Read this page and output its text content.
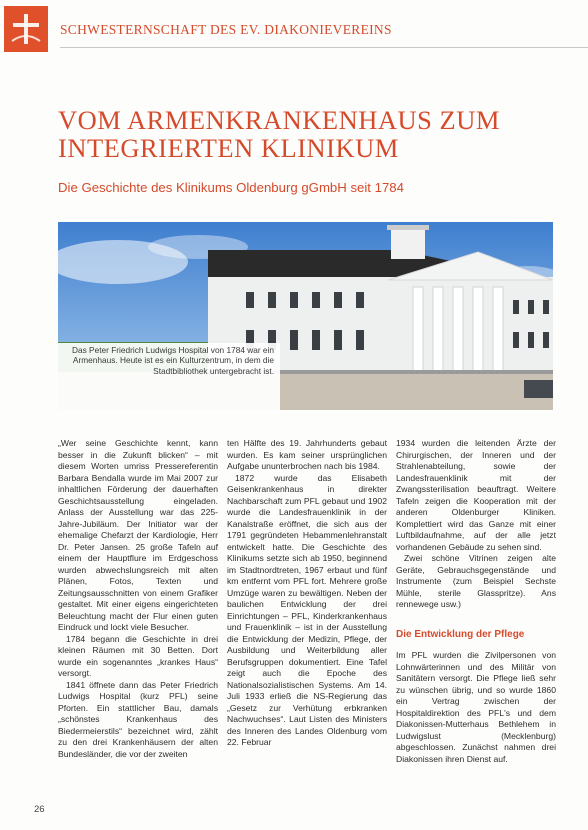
SCHWESTERNSCHAFT DES EV. DIAKONIEVEREINS
VOM ARMENKRANKENHAUS ZUM INTEGRIERTEN KLINIKUM
Die Geschichte des Klinikums Oldenburg gGmbH seit 1784
Das Peter Friedrich Ludwigs Hospital von 1784 war ein Armenhaus. Heute ist es ein Kulturzentrum, in dem die Stadtbibliothek untergebracht ist.

„Wer seine Geschichte kennt, kann besser in die Zukunft blicken“ – mit diesem Worten umriss Pressereferentin Barbara Bendalla wurde im Mai 2007 zur inhaltlichen Förderung der dauerhaften Geschichtsausstellung eingeladen. Anlass der Ausstellung war das 225-Jahre-Jubiläum. Der Initiator war der ehemalige Chefarzt der Kardiologie, Herr Dr. Peter Jansen. 25 große Tafeln auf einem der Hauptflure im Erdgeschoss wurden abwechslungsreich mit alten Plänen, Fotos, Texten und Zeitungsausschnitten von einem Grafiker gestaltet. Mit einer eigens eingerichteten Beleuchtung macht der Flur einen guten Eindruck und lockt viele Besucher.

1784 begann die Geschichte in drei kleinen Räumen mit 30 Betten. Dort wurde ein sogenanntes „krankes Haus“ versorgt.

1841 öffnete dann das Peter Friedrich Ludwigs Hospital (kurz PFL) seine Pforten. Ein stattlicher Bau, damals „schönstes Krankenhaus des Biedermeierstils“ bezeichnet wird, zählt zu den drei Krankenhäusern der alten Bundesländer, die vor der zweiten

ten Hälfte des 19. Jahrhunderts gebaut wurden. Es kam seiner ursprünglichen Aufgabe ununterbrochen nach bis 1984.

1872 wurde das Elisabeth Geisenkrankenhaus in direkter Nachbarschaft zum PFL gebaut und 1902 wurde die Landesfrauenklinik in der Kanalstraße eröffnet, die sich aus der 1791 gegründeten Hebammenlehranstalt entwickelt hatte. Die Geschichte des Klinikums setzte sich ab 1950, beginnend im Stadtnordtreten, 1967 erbaut und fünf km entfernt vom PFL fort. Mehrere große Umzüge waren zu bewältigen. Neben der baulichen Entwicklung der drei Einrichtungen – PFL, Kinderkrankenhaus und Frauenklinik – ist in der Ausstellung die Entwicklung der Medizin, Pflege, der Ausbildung und Weiterbildung aller Berufsgruppen dokumentiert. Eine Tafel zeigt auch die Epoche des Nationalsozialistischen Systems. Am 14. Juli 1933 erließ die NS-Regierung das „Gesetz zur Verhütung erbkranken Nachwuchses“. Laut Listen des Ministers des Inneren des Landes Oldenburg vom 22. Februar

1934 wurden die leitenden Ärzte der Chirurgischen, der Inneren und der Strahlenabteilung, sowie der Landesfrauenklinik mit der Zwangssterilisation beauftragt. Weitere Tafeln zeigen die Kooperation mit der anderen Oldenburger Kliniken. Komplettiert wird das Ganze mit einer Luftbildaufnahme, auf der alle jetzt vorhandenen Gebäude zu sehen sind.

Zwei schöne Vitrinen zeigen alte Geräte, Gebrauchsgegenstände und Instrumente (zum Beispiel Sechste Mühle, sterile Glasspritze). Ans rennewege usw.)

Die Entwicklung der Pflege

Im PFL wurden die Zivilpersonen von Lohnwärterinnen und des Militär von Sanitätern versorgt. Die Pflege ließ sehr zu wünschen übrig, und so wurde 1860 ein Vertrag zwischen der Hospitaldirektion des PFL's und dem Diakonissen-Mutterhaus Bethlehem in Ludwigslust (Mecklenburg) abgeschlossen. Zunächst nahmen drei Diakonissen ihren Dienst auf.

26
